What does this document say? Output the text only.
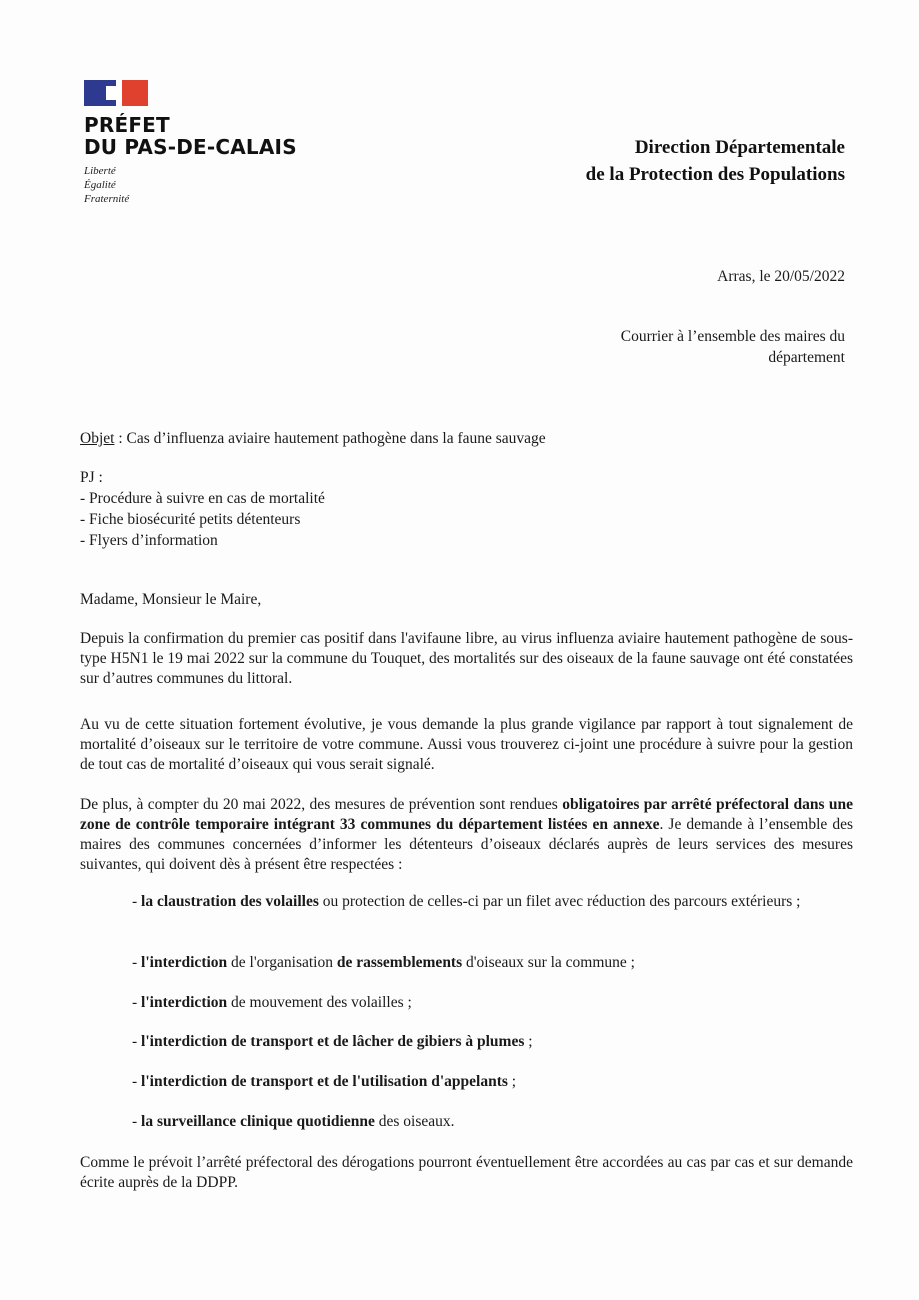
PRÉFET
DU PAS-DE-CALAIS
Liberté
Égalité
Fraternité
Direction Départementale
de la Protection des Populations
Arras, le 20/05/2022
Courrier à l’ensemble des maires du
département
Objet : Cas d’influenza aviaire hautement pathogène dans la faune sauvage
PJ :
- Procédure à suivre en cas de mortalité
- Fiche biosécurité petits détenteurs
- Flyers d’information
Madame, Monsieur le Maire,
Depuis la confirmation du premier cas positif dans l'avifaune libre, au virus influenza aviaire hautement pathogène de sous-type H5N1 le 19 mai 2022 sur la commune du Touquet, des mortalités sur des oiseaux de la faune sauvage ont été constatées sur d’autres communes du littoral.
Au vu de cette situation fortement évolutive, je vous demande la plus grande vigilance par rapport à tout signalement de mortalité d’oiseaux sur le territoire de votre commune. Aussi vous trouverez ci-joint une procédure à suivre pour la gestion de tout cas de mortalité d’oiseaux qui vous serait signalé.
De plus, à compter du 20 mai 2022, des mesures de prévention sont rendues obligatoires par arrêté préfectoral dans une zone de contrôle temporaire intégrant 33 communes du département listées en annexe. Je demande à l’ensemble des maires des communes concernées d’informer les détenteurs d’oiseaux déclarés auprès de leurs services des mesures suivantes, qui doivent dès à présent être respectées :
- la claustration des volailles ou protection de celles-ci par un filet avec réduction des parcours extérieurs ;
- l'interdiction de l'organisation de rassemblements d'oiseaux sur la commune ;
- l'interdiction de mouvement des volailles ;
- l'interdiction de transport et de lâcher de gibiers à plumes ;
- l'interdiction de transport et de l'utilisation d'appelants ;
- la surveillance clinique quotidienne des oiseaux.
Comme le prévoit l’arrêté préfectoral des dérogations pourront éventuellement être accordées au cas par cas et sur demande écrite auprès de la DDPP.
